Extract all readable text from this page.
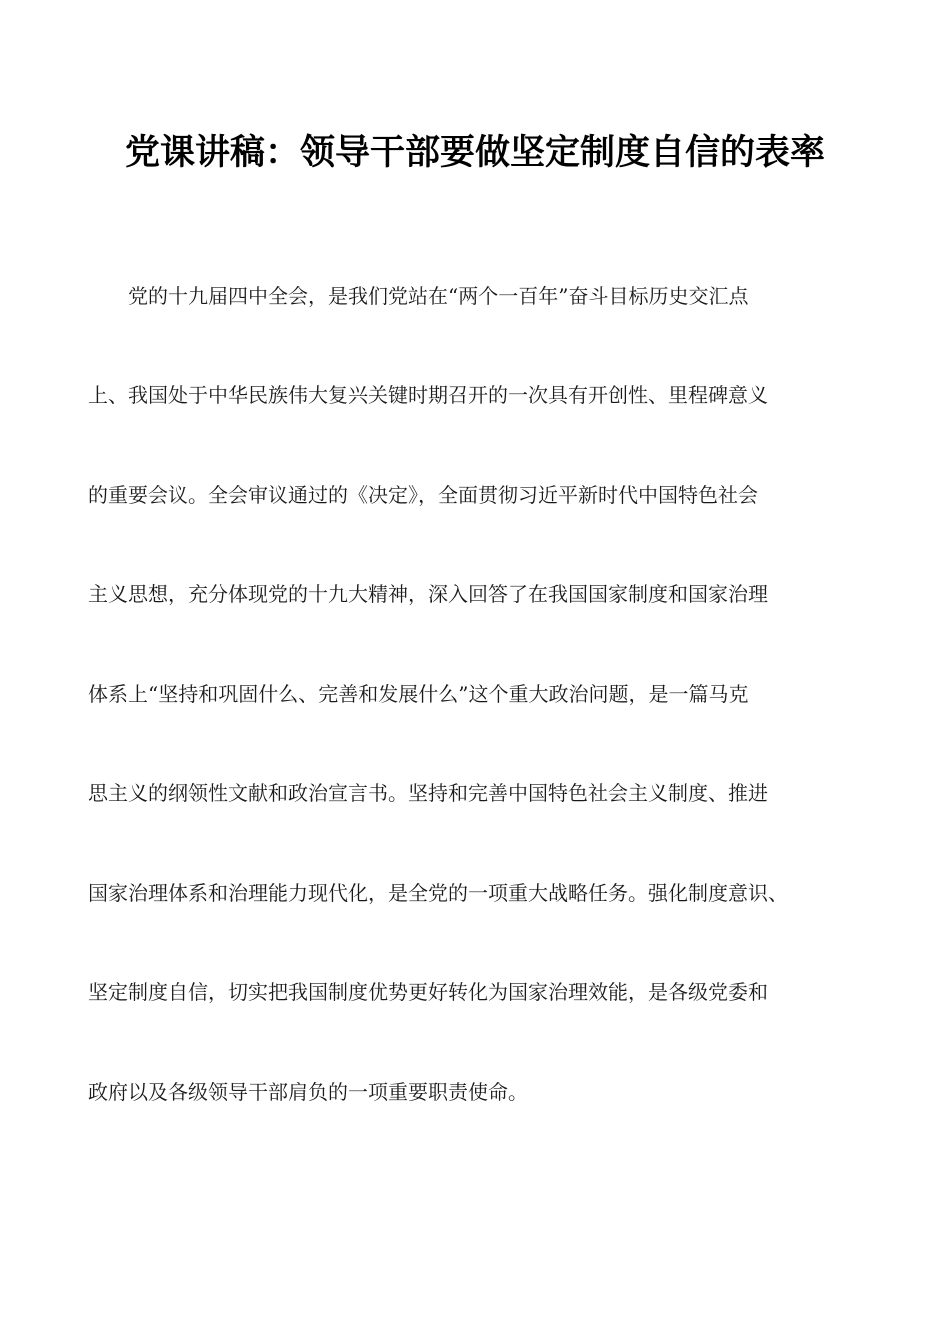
党课讲稿：领导干部要做坚定制度自信的表率
党的十九届四中全会，是我们党站在“两个一百年”奋斗目标历史交汇点
上、我国处于中华民族伟大复兴关键时期召开的一次具有开创性、里程碑意义
的重要会议。全会审议通过的《决定》，全面贯彻习近平新时代中国特色社会
主义思想，充分体现党的十九大精神，深入回答了在我国国家制度和国家治理
体系上“坚持和巩固什么、完善和发展什么”这个重大政治问题，是一篇马克
思主义的纲领性文献和政治宣言书。坚持和完善中国特色社会主义制度、推进
国家治理体系和治理能力现代化，是全党的一项重大战略任务。强化制度意识、
坚定制度自信，切实把我国制度优势更好转化为国家治理效能，是各级党委和
政府以及各级领导干部肩负的一项重要职责使命。
